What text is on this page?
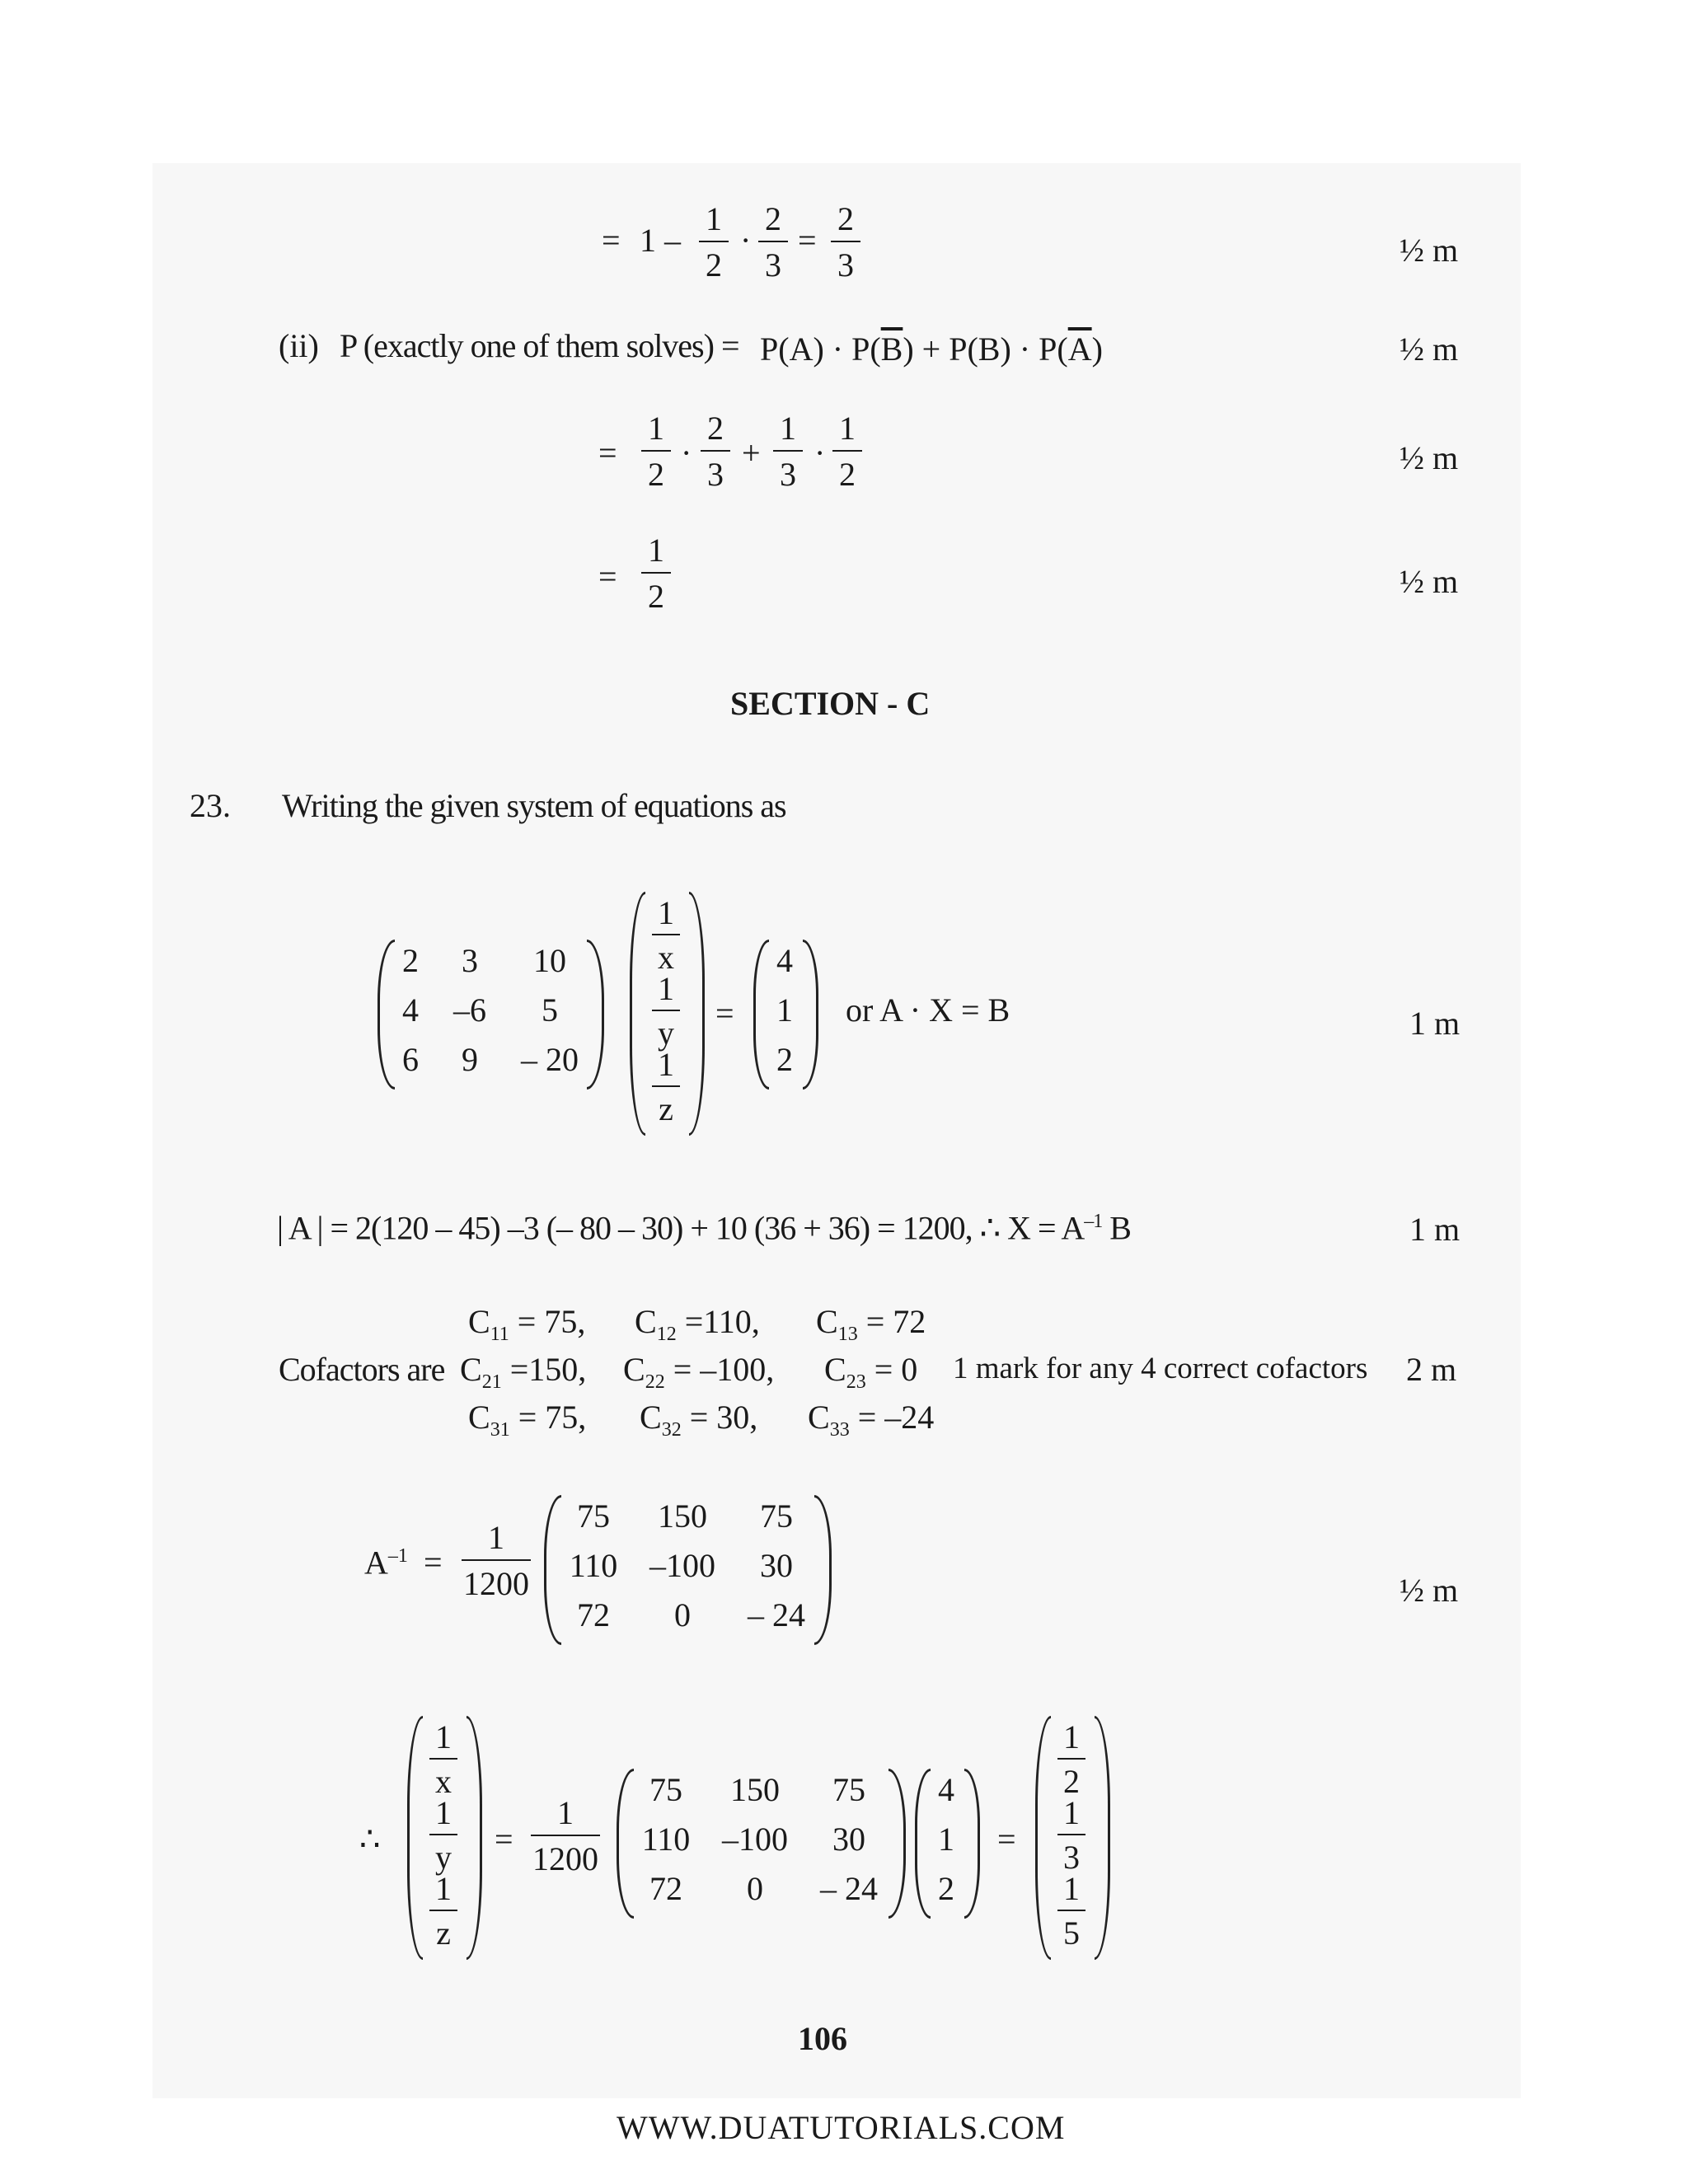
= 1 –
1
2
·
2
3
=
2
3	½ m
(ii) P (exactly one of them solves) = $P(A) \cdot P(\overline{B}) + P(B) \cdot P(\overline{A})$	½ m
=
1
2
·
2
3
+
1
3
·
1
2	½ m
=
1
2	½ m
SECTION - C
23. Writing the given system of equations as
2	3	10
4	–6	5
6	9	– 20
1
x
1
y
1
z
=
4
1
2
or A · X = B	1 m
| A | = 2(120 – 45) –3 (– 80 – 30) + 10 (36 + 36) = 1200, ∴ $X = A^{-1}$ B	1 m
$C_{11} = 75$, $C_{12} =110$, $C_{13} = 72$
Cofactors are $C_{21} =150$, $C_{22} = -100$, $C_{23} = 0$ 1 mark for any 4 correct cofactors 2 m
$C_{31} = 75$, $C_{32} = 30$, $C_{33} = -24$
$A^{-1}$ =
1
1200
75	150	75
110 –100	30
72	0	– 24
½ m
∴
1
x
1
y
1
z
=
1
1200
75	150	75
110 –100	30
72	0	– 24
4
1
2
=
1
2
1
3
1
5
106
WWW.DUATUTORIALS.COM
